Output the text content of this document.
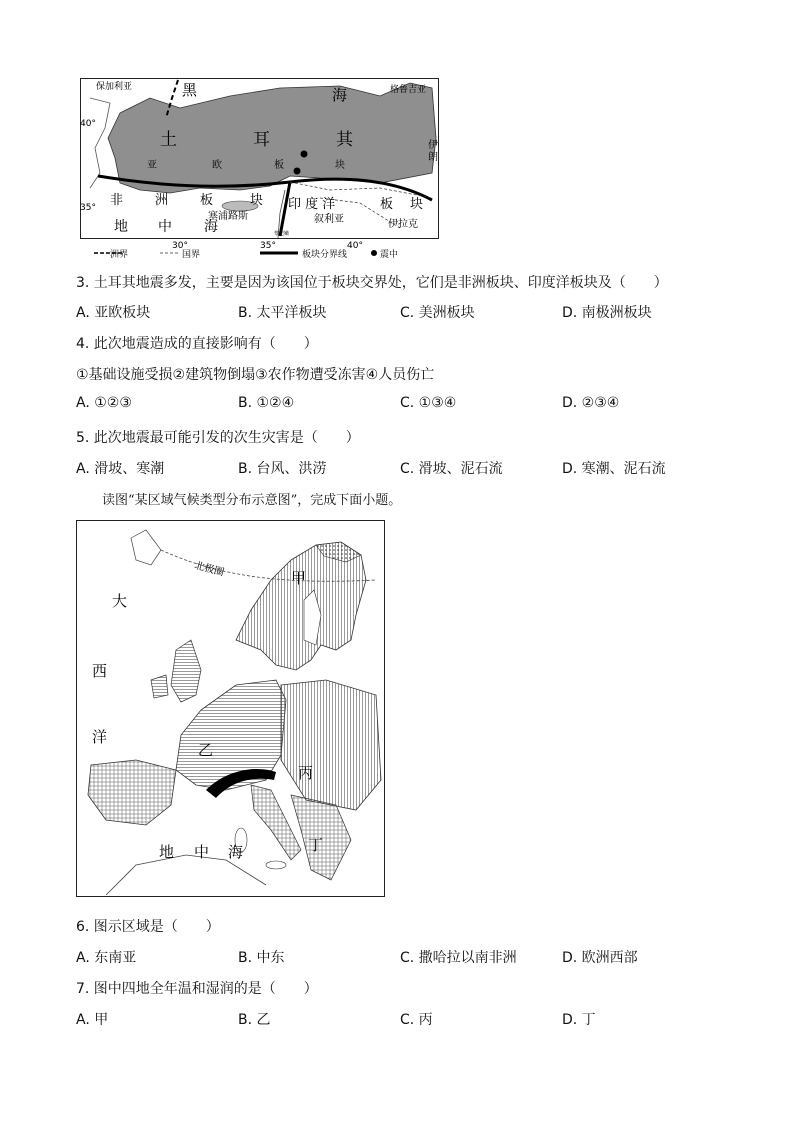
保加利亚	黑	海	格鲁吉亚
40°
35°
土	耳	其
亚	欧	板	块
伊
朗
非 洲 板	块
塞浦路斯
地 中 海
印 度 洋	板 块
叙利亚	伊拉克
黎巴嫩
30°	35°	40°
洲界	国界	板块分界线	震中
3. 土耳其地震多发，主要是因为该国位于板块交界处，它们是非洲板块、印度洋板块及（　　）
A. 亚欧板块	B. 太平洋板块	C. 美洲板块	D. 南极洲板块
4. 此次地震造成的直接影响有（　　）
①基础设施受损②建筑物倒塌③农作物遭受冻害④人员伤亡
A. ①②③	B. ①②④	C. ①③④	D. ②③④
5. 此次地震最可能引发的次生灾害是（　　）
A. 滑坡、寒潮	B. 台风、洪涝	C. 滑坡、泥石流	D. 寒潮、泥石流
读图“某区域气候类型分布示意图”，完成下面小题。
北极圈
大
西
洋
甲
乙
丙
丁
地 中 海
6. 图示区域是（　　）
A. 东南亚	B. 中东	C. 撒哈拉以南非洲	D. 欧洲西部
7. 图中四地全年温和湿润的是（　　）
A. 甲	B. 乙	C. 丙	D. 丁
